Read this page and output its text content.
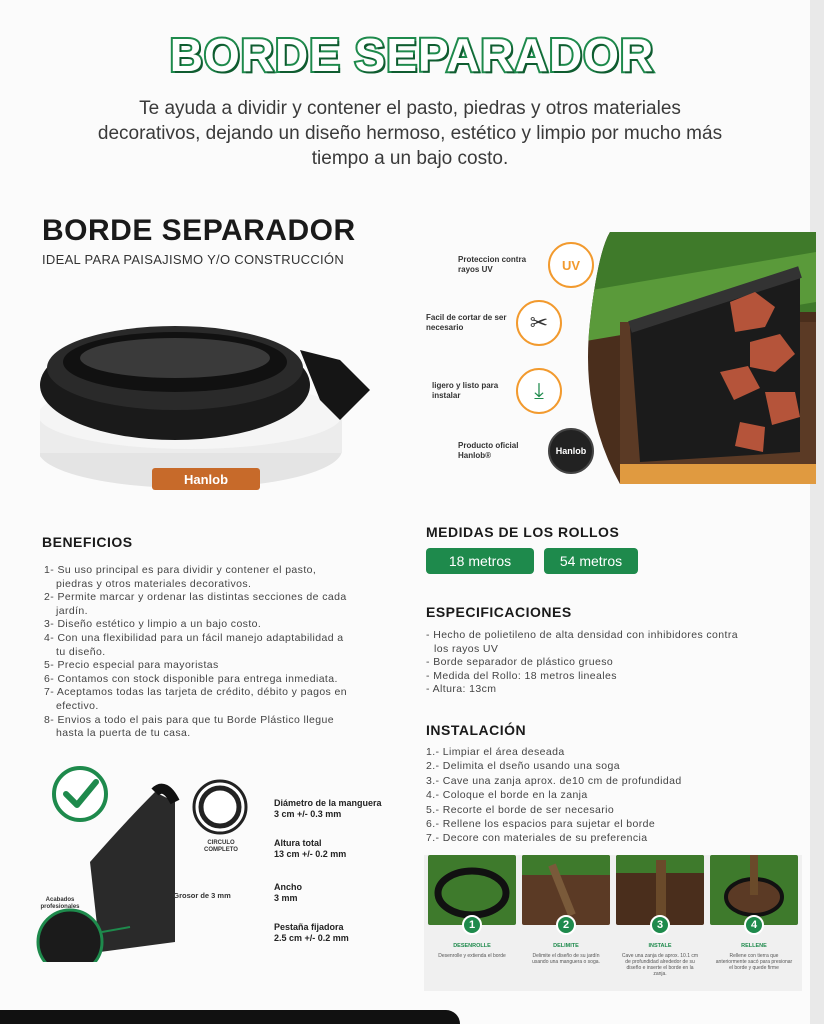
BORDE SEPARADOR
Te ayuda a dividir y contener el pasto, piedras y otros materiales decorativos, dejando un diseño hermoso, estético y limpio por mucho más tiempo a un bajo costo.
BORDE SEPARADOR
IDEAL PARA PAISAJISMO Y/O CONSTRUCCIÓN
Hanlob
Proteccion contra rayos UV	UV
Facil de cortar de ser necesario	✂
ligero y listo para instalar	⤓
Producto oficial Hanlob®	Hanlob
BENEFICIOS
1- Su uso principal es para dividir y contener el pasto,
piedras y otros materiales decorativos.
2- Permite marcar y ordenar las distintas secciones de cada
jardín.
3- Diseño estético y limpio a un bajo costo.
4- Con una flexibilidad para un fácil manejo adaptabilidad a
tu diseño.
5- Precio especial para mayoristas
6- Contamos con stock disponible para entrega inmediata.
7- Aceptamos todas las tarjeta de crédito, débito y pagos en
efectivo.
8- Envios a todo el pais para que tu Borde Plástico llegue
hasta la puerta de tu casa.
MEDIDAS DE LOS ROLLOS
18 metros	54 metros
ESPECIFICACIONES
- Hecho de polietileno de alta densidad con inhibidores contra
los rayos UV
- Borde separador de plástico grueso
- Medida del Rollo: 18 metros lineales
- Altura: 13cm
INSTALACIÓN
1.- Limpiar el área deseada
2.- Delimita el dseño usando una soga
3.- Cave una zanja aprox. de10 cm de profundidad
4.- Coloque el borde en la zanja
5.- Recorte el borde de ser necesario
6.- Rellene los espacios para sujetar el borde
7.- Decore con materiales de su preferencia
CIRCULO COMPLETO
Grosor de 3 mm
Acabados profesionales
Diámetro de la manguera
3 cm +/- 0.3 mm
Altura total
13 cm +/- 0.2 mm
Ancho
3 mm
Pestaña fijadora
2.5 cm +/- 0.2 mm
1
DESENROLLE
Desenrolle y extienda el borde
2
DELIMITE
Delimite el diseño de su jardín usando una manguera o soga.
3
INSTALE
Cave una zanja de aprox. 10.1 cm de profundidad alrededor de su diseño e inserte el borde en la zanja.
4
RELLENE
Rellene con tierra que anteriormente sacó para presionar el borde y quede firme
